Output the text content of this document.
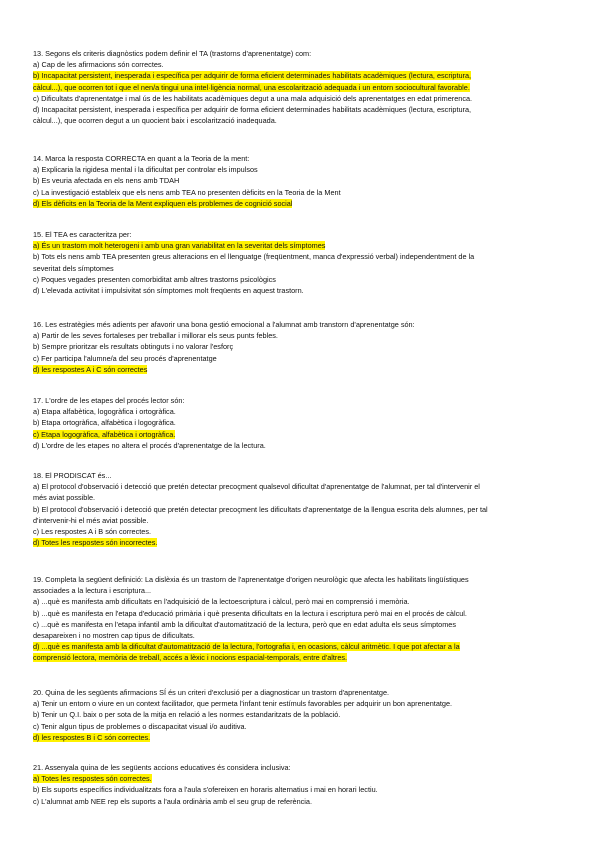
13. Segons els criteris diagnòstics podem definir el TA (trastorns d'aprenentatge) com:
a) Cap de les afirmacions són correctes.
b) Incapacitat persistent, inesperada i específica per adquirir de forma eficient determinades habilitats acadèmiques (lectura, escriptura,
càlcul...), que ocorren tot i que el nen/a tingui una intel·ligència normal, una escolarització adequada i un entorn sociocultural favorable.
c) Dificultats d'aprenentatge i mal ús de les habilitats acadèmiques degut a una mala adquisició dels aprenentatges en edat primerenca.
d) Incapacitat persistent, inesperada i específica per adquirir de forma eficient determinades habilitats acadèmiques (lectura, escriptura,
càlcul...), que ocorren degut a un quocient baix i escolarització inadequada.
14. Marca la resposta CORRECTA en quant a la Teoria de la ment:
a) Explicaria la rigidesa mental i la dificultat per controlar els impulsos
b) Es veuria afectada en els nens amb TDAH
c) La investigació estableix que els nens amb TEA no presenten dèficits en la Teoria de la Ment
d) Els dèficits en la Teoria de la Ment expliquen els problemes de cognició social
15. El TEA es caracteritza per:
a) És un trastorn molt heterogeni i amb una gran variabilitat en la severitat dels símptomes
b) Tots els nens amb TEA presenten greus alteracions en el llenguatge (freqüentment, manca d'expressió verbal) independentment de la
severitat dels símptomes
c) Poques vegades presenten comorbiditat amb altres trastorns psicològics
d) L'elevada activitat i impulsivitat són símptomes molt freqüents en aquest trastorn.
16. Les estratègies més adients per afavorir una bona gestió emocional a l'alumnat amb transtorn d'aprenentatge són:
a) Partir de les seves fortaleses per treballar i millorar els seus punts febles.
b) Sempre prioritzar els resultats obtinguts i no valorar l'esforç
c) Fer participa l'alumne/a del seu procés d'aprenentatge
d) les respostes A i C són correctes
17. L'ordre de les etapes del procés lector són:
a) Etapa alfabètica, logogràfica i ortogràfica.
b) Etapa ortogràfica, alfabètica i logogràfica.
c) Etapa logogràfica, alfabètica i ortogràfica.
d) L'ordre de les etapes no altera el procés d'aprenentatge de la lectura.
18. El PRODISCAT és...
a) El protocol d'observació i detecció que pretén detectar precoçment qualsevol dificultat d'aprenentatge de l'alumnat, per tal d'intervenir el
més aviat possible.
b) El protocol d'observació i detecció que pretén detectar precoçment les dificultats d'aprenentatge de la llengua escrita dels alumnes, per tal
d'intervenir-hi el més aviat possible.
c) Les respostes A i B són correctes.
d) Totes les respostes són incorrectes.
19. Completa la següent definició: La dislèxia és un trastorn de l'aprenentatge d'origen neurològic que afecta les habilitats lingüístiques
associades a la lectura i escriptura...
a) ...què es manifesta amb dificultats en l'adquisició de la lectoescriptura i càlcul, però mai en comprensió i memòria.
b) ...què es manifesta en l'etapa d'educació primària i què presenta dificultats en la lectura i escriptura però mai en el procés de càlcul.
c) ...què es manifesta en l'etapa infantil amb la dificultat d'automatització de la lectura, però que en edat adulta els seus símptomes
desapareixen i no mostren cap tipus de dificultats.
d) ...què es manifesta amb la dificultat d'automatització de la lectura, l'ortografia i, en ocasions, càlcul aritmètic. I que pot afectar a la
comprensió lectora, memòria de treball, accés a lèxic i nocions espacial-temporals, entre d'altres.
20. Quina de les següents afirmacions SÍ és un criteri d'exclusió per a diagnosticar un trastorn d'aprenentatge.
a) Tenir un entorn o viure en un context facilitador, que permeta l'infant tenir estímuls favorables per adquirir un bon aprenentatge.
b) Tenir un Q.I. baix o per sota de la mitja en relació a les normes estandaritzats de la població.
c) Tenir algun tipus de problemes o discapacitat visual i/o auditiva.
d) les respostes B i C són correctes.
21. Assenyala quina de les següents accions educatives és considera inclusiva:
a) Totes les respostes són correctes.
b) Els suports específics individualitzats fora a l'aula s'ofereixen en horaris alternatius i mai en horari lectiu.
c) L'alumnat amb NEE rep els suports a l'aula ordinària amb el seu grup de referència.
